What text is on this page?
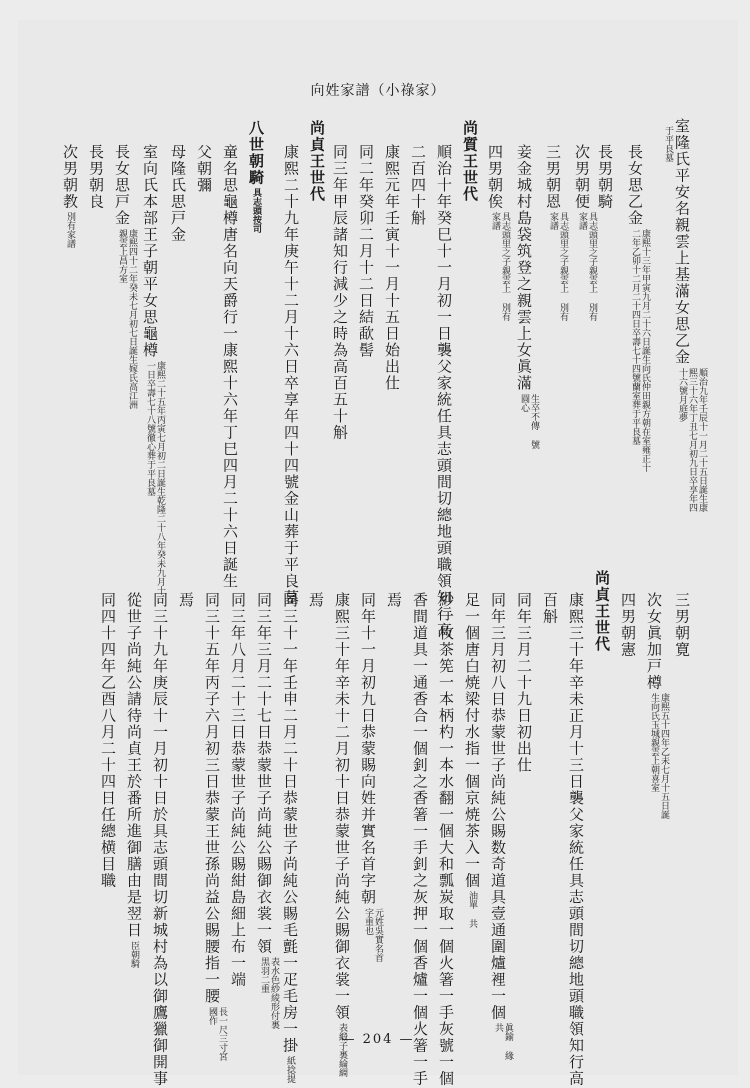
向姓家譜（小祿家）
室隆氏平安名親雲上基滿女思乙金順治九年壬辰十一月二十五日誕生康熙三十六年丁丑七月初九日卒享年四十六號月庭夢
于平良墓
長女思乙金康熙十三年甲寅九月二十六日誕生向氏仲田親方朝在室雍正十二年乙卯十二月二十四日卒壽七十四號蘭室葬于平良墓
長男朝騎
次男朝便具志頭里之子親雲上 別有家譜
三男朝恩具志頭里之子親雲上 別有家譜
妾金城村島袋筑登之親雲上女眞滿生卒不傳 號圓心
四男朝俟具志頭里之子親雲上 別有家譜
尚質王世代
順治十年癸巳十一月初一日襲父家統任具志頭間切總地頭職領知行高
二百四十斛
康熙元年壬寅十一月十五日始出仕
同二年癸卯二月十二日結歃髻
同三年甲辰諸知行減少之時為高百五十斛
尚貞王世代
康熙二十九年庚午十二月十六日卒享年四十四號金山葬于平良墓
八世朝騎具志頭按司
童名思龜樽唐名向天爵行一康熙十六年丁巳四月二十六日誕生
父朝彌
母隆氏思戸金
室向氏本部王子朝平女思龜樽康熙二十五年丙寅七月初二日誕生乾隆二十八年癸未九月十一日卒壽七十八號徹心葬于平良墓
長女思戸金康熙四十二年癸未七月初七日誕生嫁氏高江洲親雲上昌方室
長男朝良
次男朝教別有家譜
三男朝寛
次女眞加戸樽康熙五十四年乙未七月十五日誕生向氏玉城親雲上朝喜室
四男朝憲
尚貞王世代
康熙三十年辛未正月十三日襲父家統任具志頭間切總地頭職領知行高
百斛
同年三月二十九日初出仕
同年三月初八日恭蒙世子尚純公賜数奇道具壹通圍爐裡一個眞鍮 緣共
足一個唐白焼梁付水指一個京焼茶入一個油單 共
紗一枚茶筅一本柄杓一本水翻一個大和瓢炭取一個火箸一手灰號一個
香間道具一通香合一個釗之香箸一手釗之灰押一個香爐一個火箸一手
焉
同年十一月初九日恭蒙賜向姓并實名首字朝元姓吳實名首字重也
康熙三十年辛未十二月初十日恭蒙世子尚純公賜御衣裳一領表緞子裏綸綢
焉
同三十一年壬申二月二十日恭蒙世子尚純公賜毛氈一疋毛房一掛紙捻提
同三年三月二十七日恭蒙世子尚純公賜御衣裳一領表水色紗綾形付裏黒羽二重
同三年八月二十三日恭蒙世子尚純公賜紺島細上布一端
同三十五年丙子六月初三日恭蒙王世孫尚益公賜腰指一腰長一尺三寸宮國作
焉
同三十九年庚辰十一月初十日於具志頭間切新城村為以御鷹獵御開事
從世子尚純公請待尚貞王於番所進御膳由是翌日臣朝騎
同四十四年乙酉八月二十四日任總横目職
— 204 —
